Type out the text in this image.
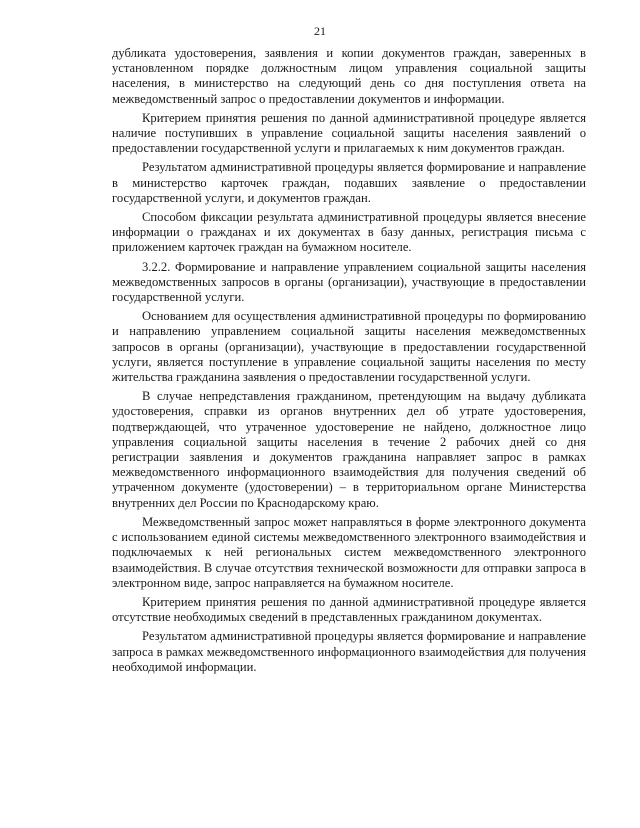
21

дубликата удостоверения, заявления и копии документов граждан, заверенных в установленном порядке должностным лицом управления социальной защиты населения, в министерство на следующий день со дня поступления ответа на межведомственный запрос о предоставлении документов и информации.

Критерием принятия решения по данной административной процедуре является наличие поступивших в управление социальной защиты населения заявлений о предоставлении государственной услуги и прилагаемых к ним документов граждан.

Результатом административной процедуры является формирование и направление в министерство карточек граждан, подавших заявление о предоставлении государственной услуги, и документов граждан.

Способом фиксации результата административной процедуры является внесение информации о гражданах и их документах в базу данных, регистрация письма с приложением карточек граждан на бумажном носителе.

3.2.2. Формирование и направление управлением социальной защиты населения межведомственных запросов в органы (организации), участвующие в предоставлении государственной услуги.

Основанием для осуществления административной процедуры по формированию и направлению управлением социальной защиты населения межведомственных запросов в органы (организации), участвующие в предоставлении государственной услуги, является поступление в управление социальной защиты населения по месту жительства гражданина заявления о предоставлении государственной услуги.

В случае непредставления гражданином, претендующим на выдачу дубликата удостоверения, справки из органов внутренних дел об утрате удостоверения, подтверждающей, что утраченное удостоверение не найдено, должностное лицо управления социальной защиты населения в течение 2 рабочих дней со дня регистрации заявления и документов гражданина направляет запрос в рамках межведомственного информационного взаимодействия для получения сведений об утраченном документе (удостоверении) – в территориальном органе Министерства внутренних дел России по Краснодарскому краю.

Межведомственный запрос может направляться в форме электронного документа с использованием единой системы межведомственного электронного взаимодействия и подключаемых к ней региональных систем межведомственного электронного взаимодействия. В случае отсутствия технической возможности для отправки запроса в электронном виде, запрос направляется на бумажном носителе.

Критерием принятия решения по данной административной процедуре является отсутствие необходимых сведений в представленных гражданином документах.

Результатом административной процедуры является формирование и направление запроса в рамках межведомственного информационного взаимодействия для получения необходимой информации.
